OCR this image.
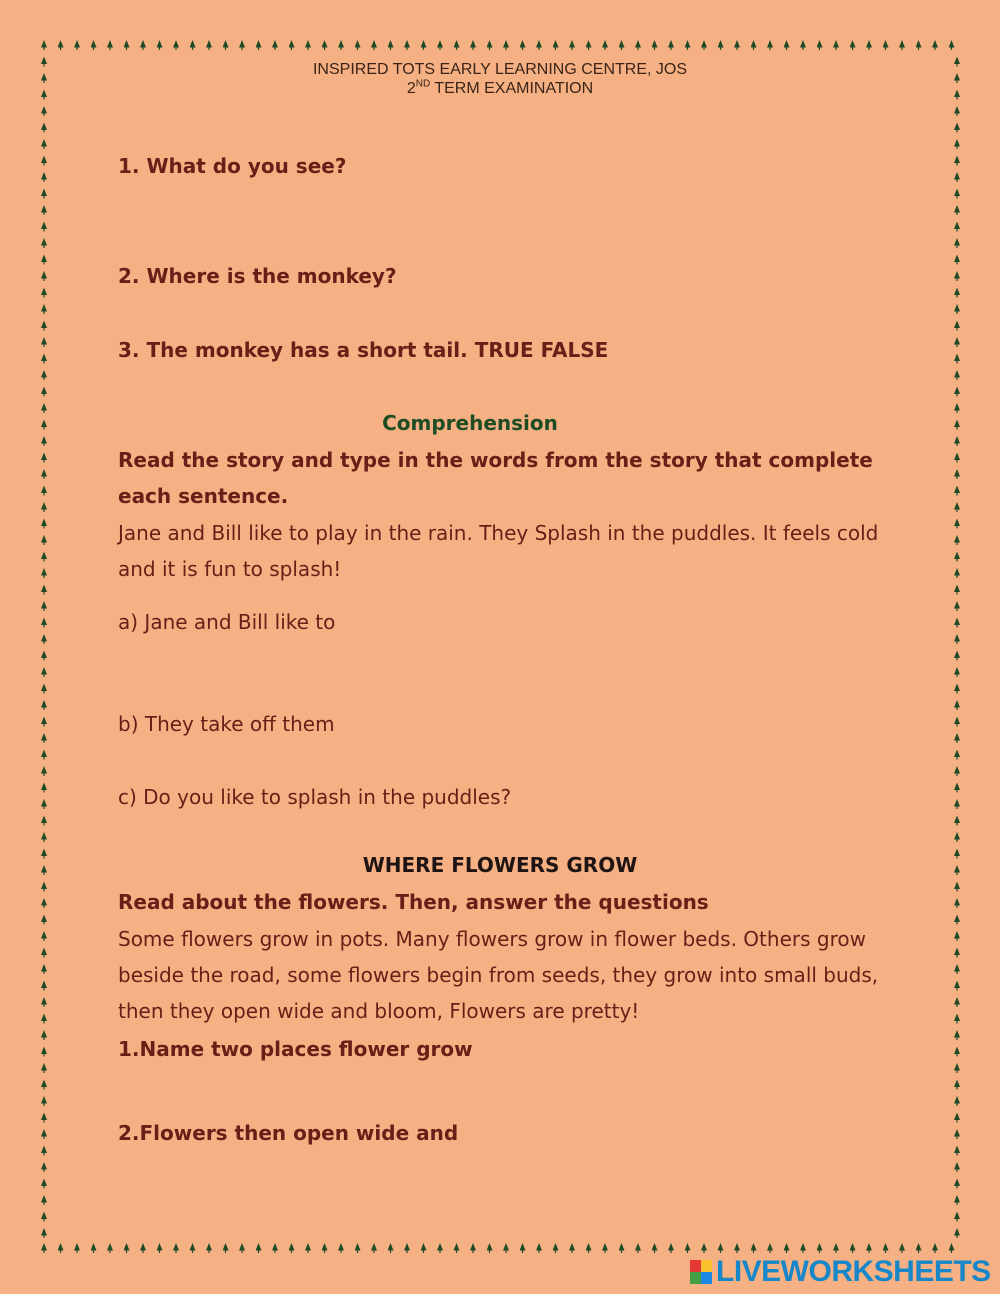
INSPIRED TOTS EARLY LEARNING CENTRE, JOS
2ND TERM EXAMINATION
1. What do you see?
2. Where is the monkey?
3. The monkey has a short tail. TRUE FALSE
Comprehension
Read the story and type in the words from the story that complete each sentence.
Jane and Bill like to play in the rain. They Splash in the puddles. It feels cold and it is fun to splash!
a) Jane and Bill like to
b) They take off them
c) Do you like to splash in the puddles?
WHERE FLOWERS GROW
Read about the flowers. Then, answer the questions
Some flowers grow in pots. Many flowers grow in flower beds. Others grow beside the road, some flowers begin from seeds, they grow into small buds, then they open wide and bloom, Flowers are pretty!
1.Name two places flower grow
2.Flowers then open wide and
LIVEWORKSHEETS
